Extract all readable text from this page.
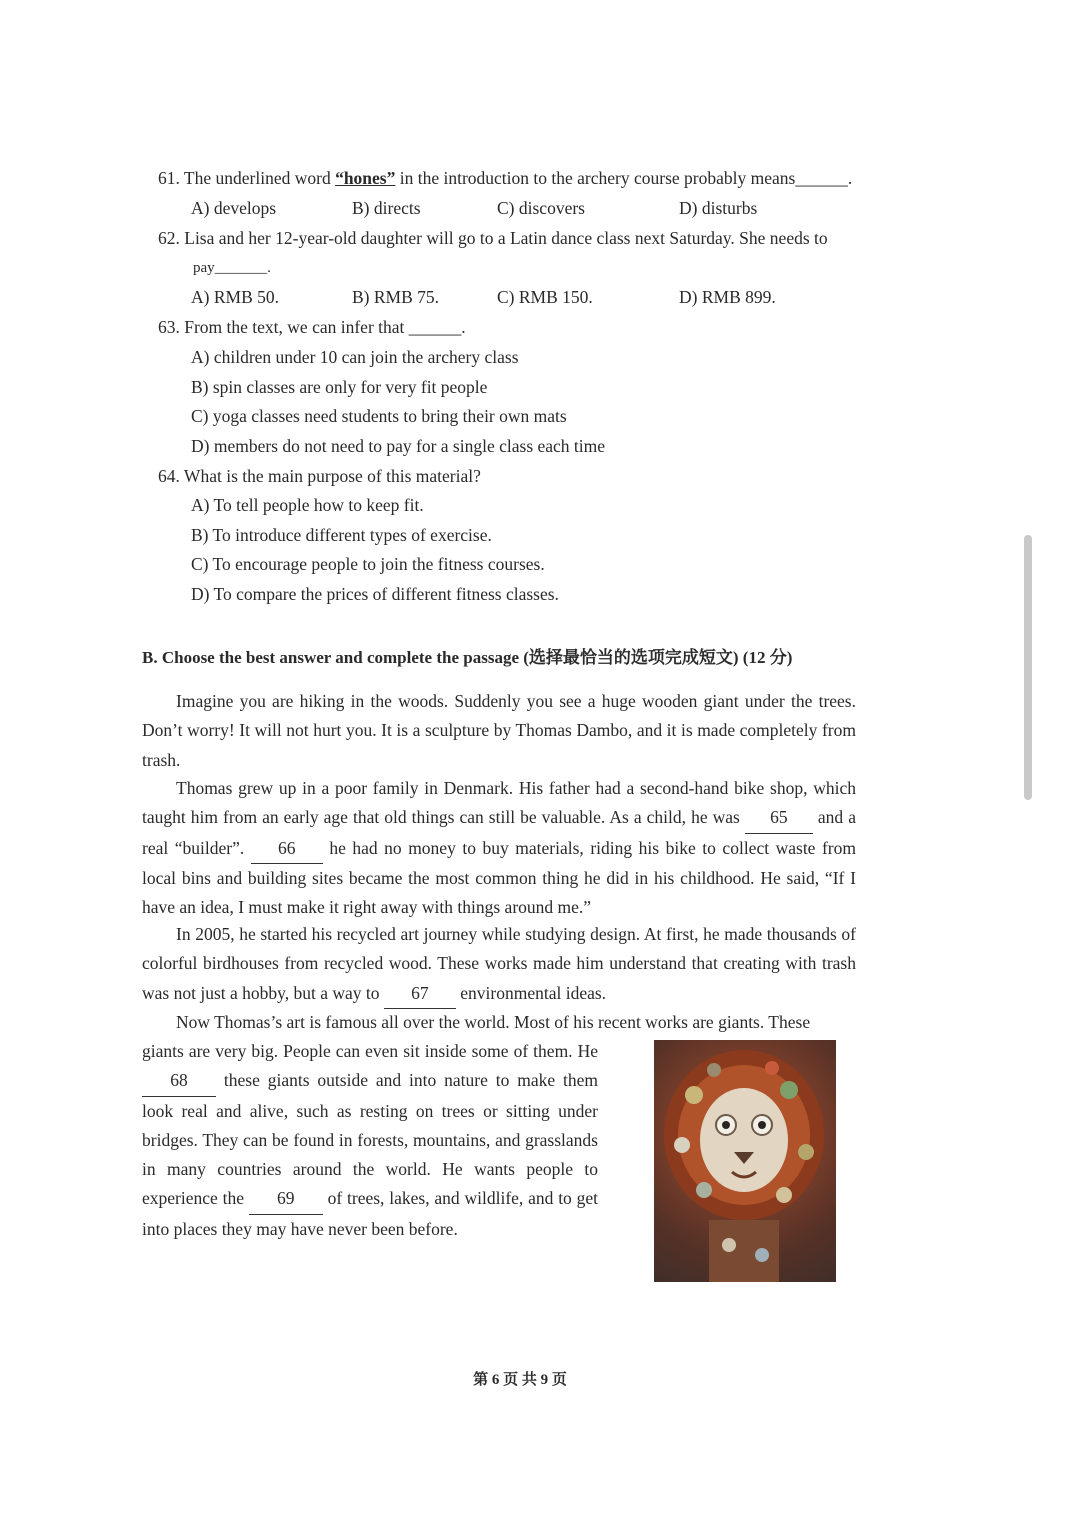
61. The underlined word “hones” in the introduction to the archery course probably means______.
A) develops	B) directs	C) discovers	D) disturbs
62. Lisa and her 12-year-old daughter will go to a Latin dance class next Saturday. She needs to
pay_______.
A) RMB 50.	B) RMB 75.	C) RMB 150.	D) RMB 899.
63. From the text, we can infer that ______.
A) children under 10 can join the archery class
B) spin classes are only for very fit people
C) yoga classes need students to bring their own mats
D) members do not need to pay for a single class each time
64. What is the main purpose of this material?
A) To tell people how to keep fit.
B) To introduce different types of exercise.
C) To encourage people to join the fitness courses.
D) To compare the prices of different fitness classes.
B. Choose the best answer and complete the passage (选择最恰当的选项完成短文) (12 分)
Imagine you are hiking in the woods. Suddenly you see a huge wooden giant under the trees. Don’t worry! It will not hurt you. It is a sculpture by Thomas Dambo, and it is made completely from trash.
Thomas grew up in a poor family in Denmark. His father had a second-hand bike shop, which taught him from an early age that old things can still be valuable. As a child, he was 65 and a real “builder”. 66 he had no money to buy materials, riding his bike to collect waste from local bins and building sites became the most common thing he did in his childhood. He said, “If I have an idea, I must make it right away with things around me.”
In 2005, he started his recycled art journey while studying design. At first, he made thousands of colorful birdhouses from recycled wood. These works made him understand that creating with trash was not just a hobby, but a way to 67 environmental ideas.
Now Thomas’s art is famous all over the world. Most of his recent works are giants. These
giants are very big. People can even sit inside some of them. He 68 these giants outside and into nature to make them look real and alive, such as resting on trees or sitting under bridges. They can be found in forests, mountains, and grasslands in many countries around the world. He wants people to experience the 69 of trees, lakes, and wildlife, and to get into places they may have never been before.
第 6 页 共 9 页
